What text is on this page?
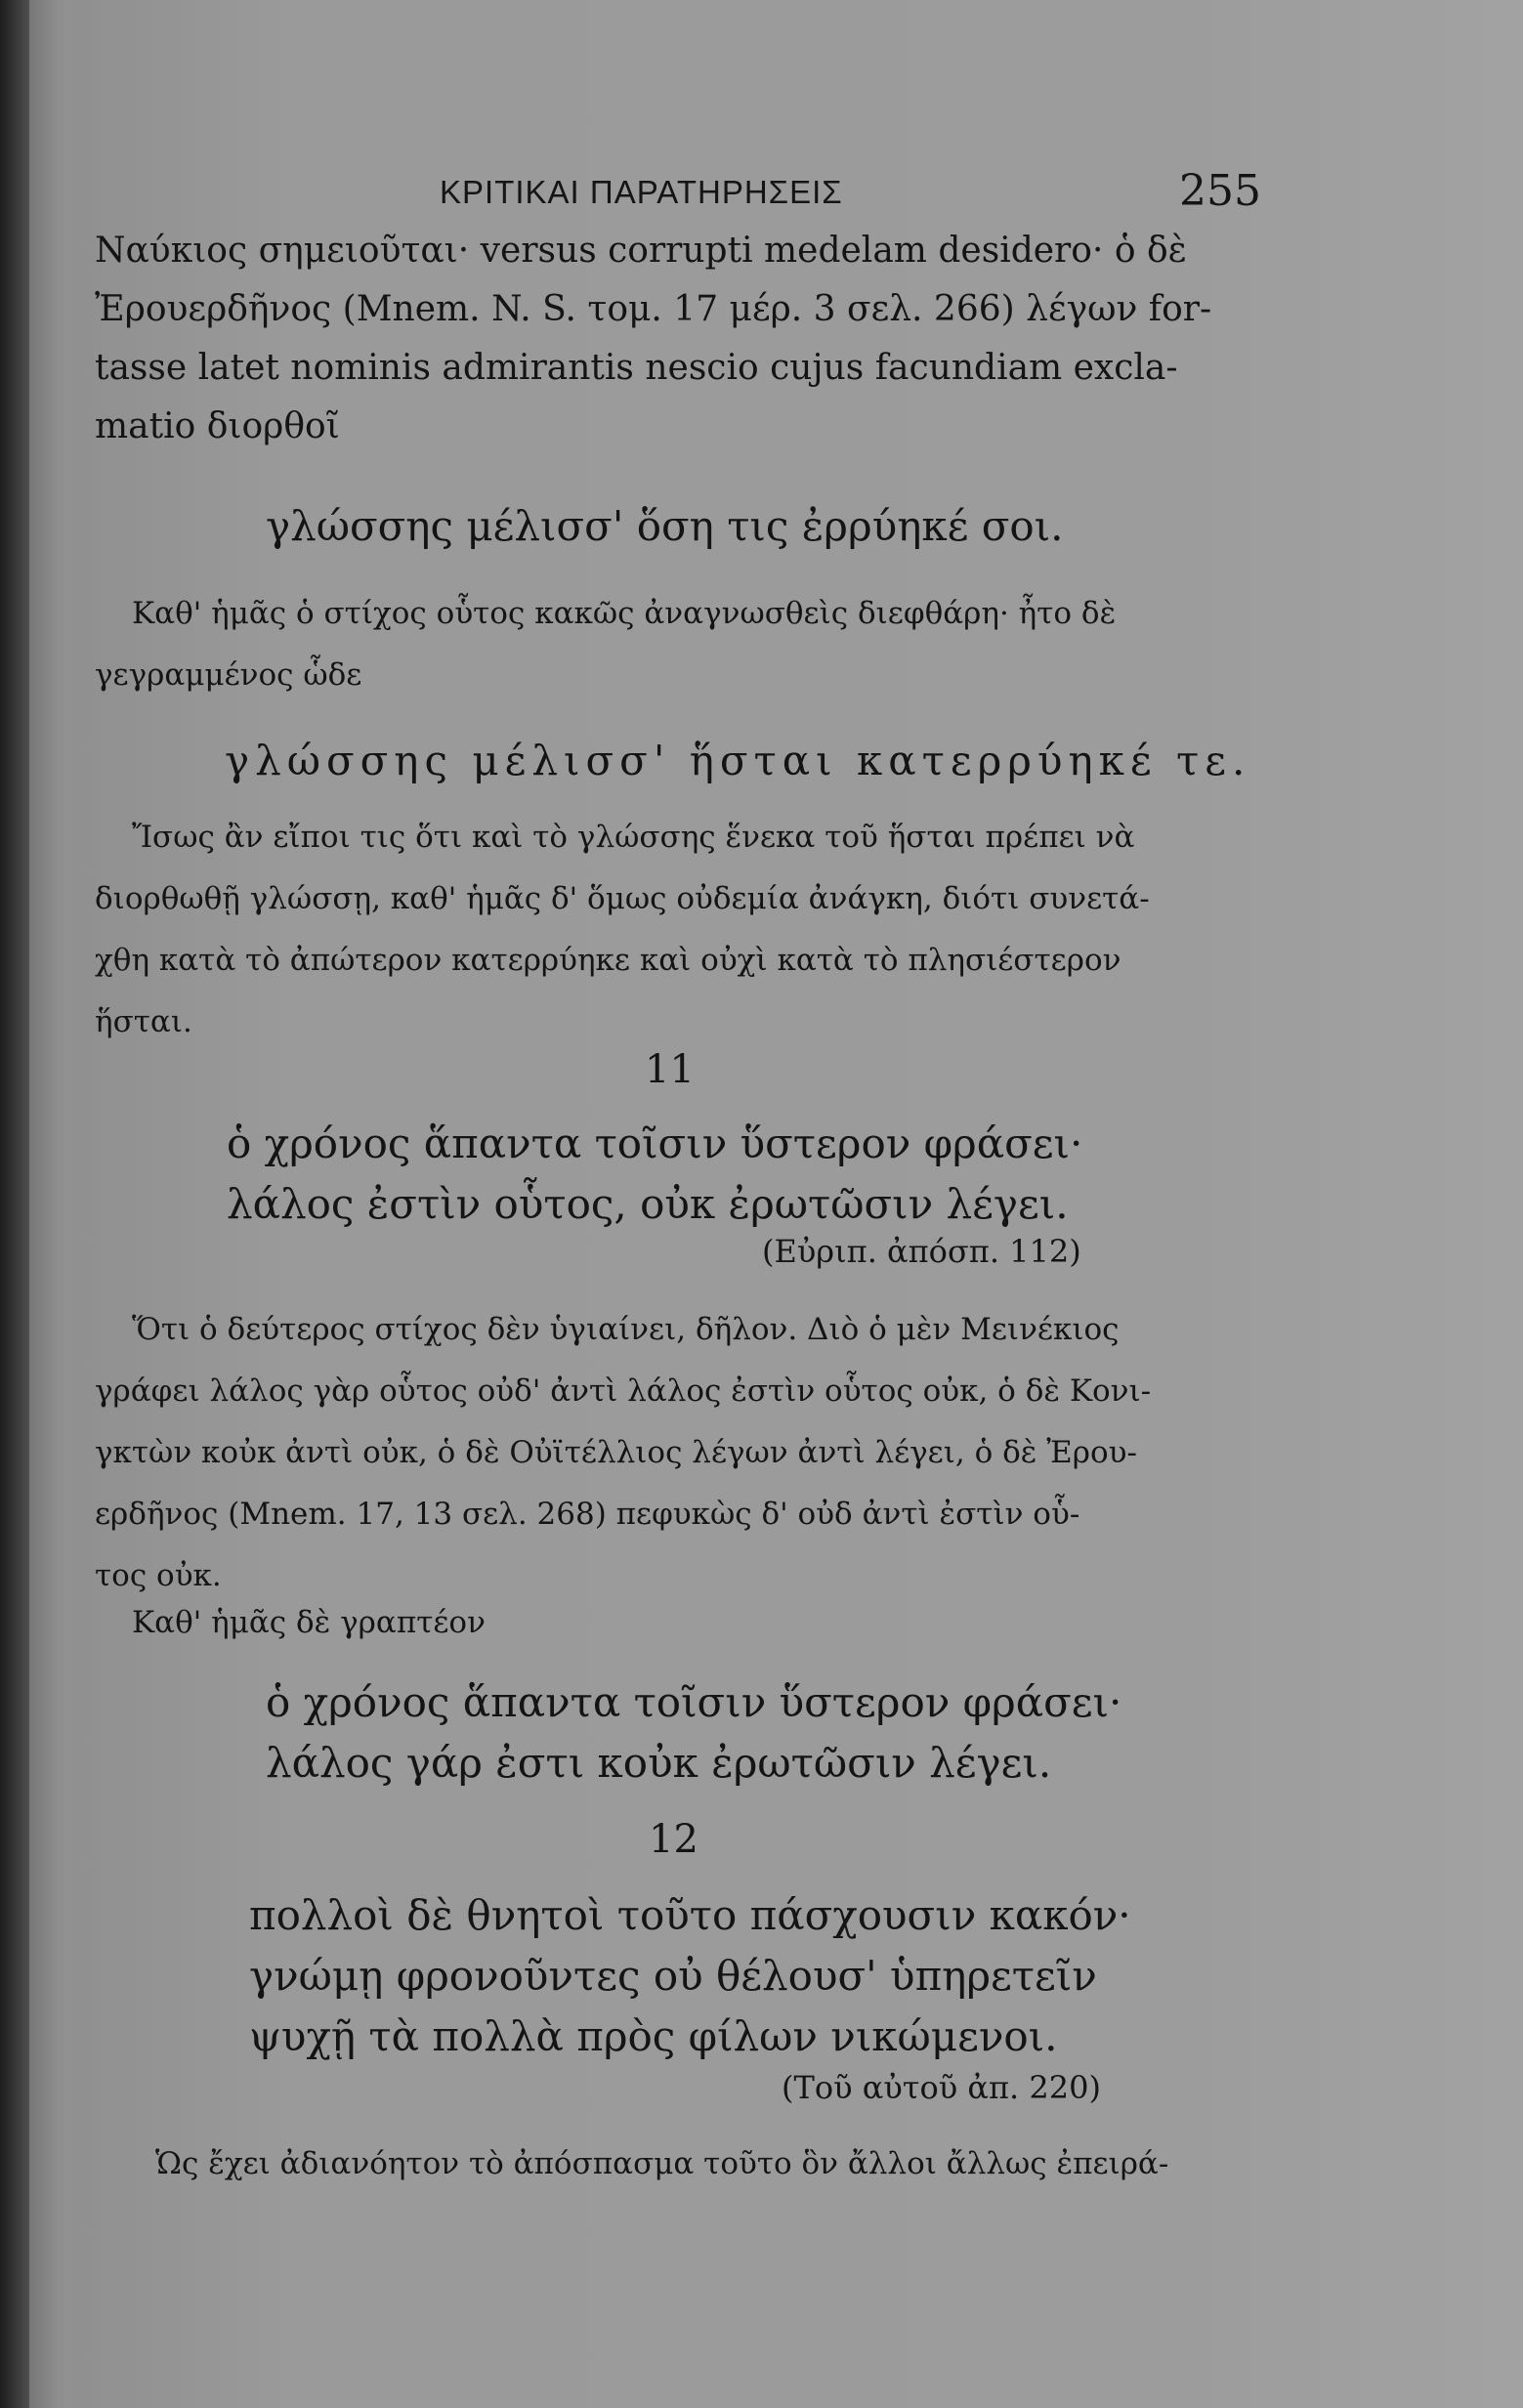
ΚΡΙΤΙΚΑΙ ΠΑΡΑΤΗΡΗΣΕΙΣ	255
Ναύκιος σημειοῦται· versus corrupti medelam desidero· ὁ δὲ
Ἐρουερδῆνος (Mnem. N. S. τομ. 17 μέρ. 3 σελ. 266) λέγων for-
tasse latet nominis admirantis nescio cujus facundiam excla-
matio διορθοῖ
γλώσσης μέλισσ' ὅση τις ἐρρύηκέ σοι.
Καθ' ἡμᾶς ὁ στίχος οὗτος κακῶς ἀναγνωσθεὶς διεφθάρη· ἦτο δὲ
γεγραμμένος ὧδε
γλώσσης μέλισσ' ἥσται κατερρύηκέ τε.
Ἴσως ἂν εἴποι τις ὅτι καὶ τὸ γλώσσης ἕνεκα τοῦ ἥσται πρέπει νὰ
διορθωθῇ γλώσσῃ, καθ' ἡμᾶς δ' ὅμως οὐδεμία ἀνάγκη, διότι συνετά-
χθη κατὰ τὸ ἀπώτερον κατερρύηκε καὶ οὐχὶ κατὰ τὸ πλησιέστερον
ἥσται.
11
ὁ χρόνος ἅπαντα τοῖσιν ὕστερον φράσει·
λάλος ἐστὶν οὗτος, οὐκ ἐρωτῶσιν λέγει.
(Εὐριπ. ἀπόσπ. 112)
Ὅτι ὁ δεύτερος στίχος δὲν ὑγιαίνει, δῆλον. Διὸ ὁ μὲν Μεινέκιος
γράφει λάλος γὰρ οὗτος οὐδ' ἀντὶ λάλος ἐστὶν οὗτος οὐκ, ὁ δὲ Κονι-
γκτὼν κοὐκ ἀντὶ οὐκ, ὁ δὲ Οὐϊτέλλιος λέγων ἀντὶ λέγει, ὁ δὲ Ἐρου-
ερδῆνος (Mnem. 17, 13 σελ. 268) πεφυκὼς δ' οὐδ ἀντὶ ἐστὶν οὗ-
τος οὐκ.
Καθ' ἡμᾶς δὲ γραπτέον
ὁ χρόνος ἅπαντα τοῖσιν ὕστερον φράσει·
λάλος γάρ ἐστι κοὐκ ἐρωτῶσιν λέγει.
12
πολλοὶ δὲ θνητοὶ τοῦτο πάσχουσιν κακόν·
γνώμῃ φρονοῦντες οὐ θέλουσ' ὑπηρετεῖν
ψυχῇ τὰ πολλὰ πρὸς φίλων νικώμενοι.
(Τοῦ αὐτοῦ ἀπ. 220)
Ὡς ἔχει ἀδιανόητον τὸ ἀπόσπασμα τοῦτο ὃν ἄλλοι ἄλλως ἐπειρά-
